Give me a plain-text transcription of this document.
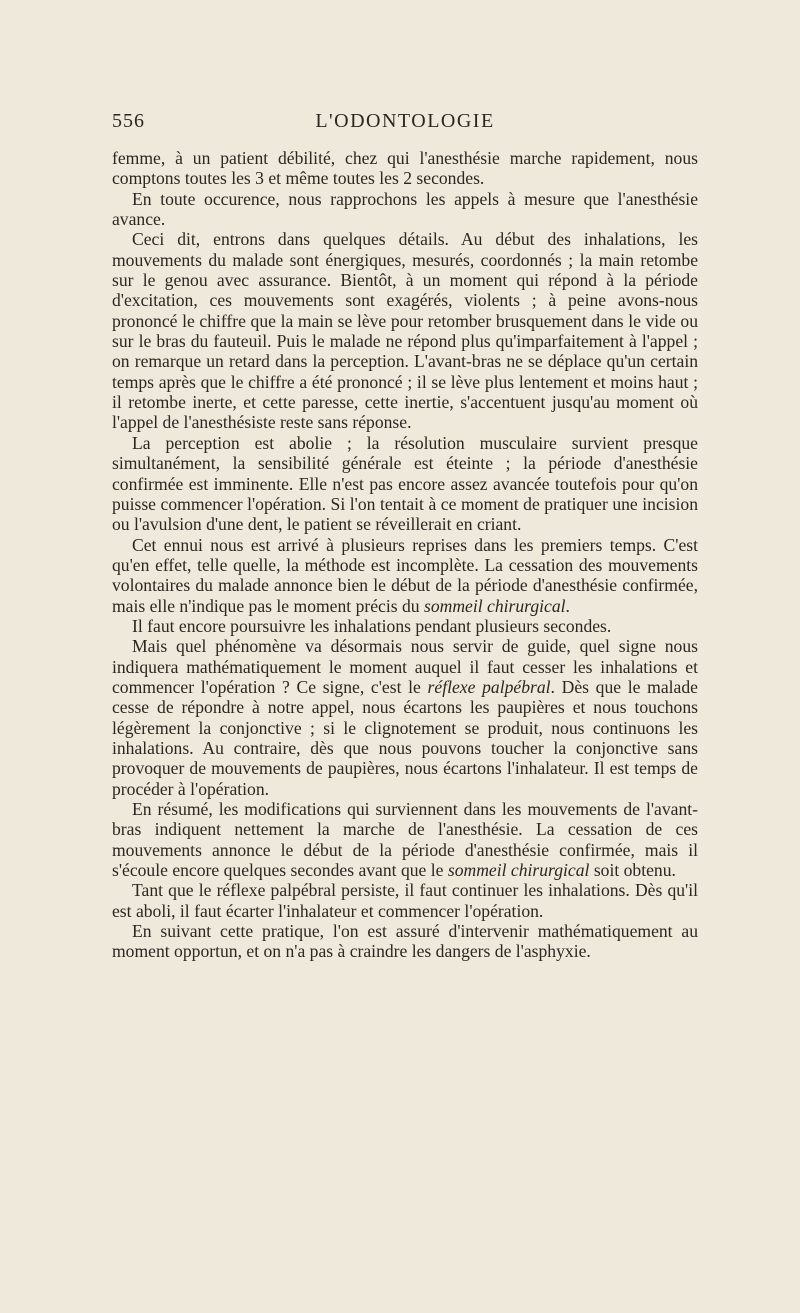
556	L'ODONTOLOGIE

femme, à un patient débilité, chez qui l'anesthésie marche rapidement, nous comptons toutes les 3 et même toutes les 2 secondes.

En toute occurence, nous rapprochons les appels à mesure que l'anesthésie avance.

Ceci dit, entrons dans quelques détails. Au début des inhalations, les mouvements du malade sont énergiques, mesurés, coordonnés ; la main retombe sur le genou avec assurance. Bientôt, à un moment qui répond à la période d'excitation, ces mouvements sont exagérés, violents ; à peine avons-nous prononcé le chiffre que la main se lève pour retomber brusquement dans le vide ou sur le bras du fauteuil. Puis le malade ne répond plus qu'imparfaitement à l'appel ; on remarque un retard dans la perception. L'avant-bras ne se déplace qu'un certain temps après que le chiffre a été prononcé ; il se lève plus lentement et moins haut ; il retombe inerte, et cette paresse, cette inertie, s'accentuent jusqu'au moment où l'appel de l'anesthésiste reste sans réponse.

La perception est abolie ; la résolution musculaire survient presque simultanément, la sensibilité générale est éteinte ; la période d'anesthésie confirmée est imminente. Elle n'est pas encore assez avancée toutefois pour qu'on puisse commencer l'opération. Si l'on tentait à ce moment de pratiquer une incision ou l'avulsion d'une dent, le patient se réveillerait en criant.

Cet ennui nous est arrivé à plusieurs reprises dans les premiers temps. C'est qu'en effet, telle quelle, la méthode est incomplète. La cessation des mouvements volontaires du malade annonce bien le début de la période d'anesthésie confirmée, mais elle n'indique pas le moment précis du sommeil chirurgical.

Il faut encore poursuivre les inhalations pendant plusieurs secondes.

Mais quel phénomène va désormais nous servir de guide, quel signe nous indiquera mathématiquement le moment auquel il faut cesser les inhalations et commencer l'opération ? Ce signe, c'est le réflexe palpébral. Dès que le malade cesse de répondre à notre appel, nous écartons les paupières et nous touchons légèrement la conjonctive ; si le clignotement se produit, nous continuons les inhalations. Au contraire, dès que nous pouvons toucher la conjonctive sans provoquer de mouvements de paupières, nous écartons l'inhalateur. Il est temps de procéder à l'opération.

En résumé, les modifications qui surviennent dans les mouvements de l'avant-bras indiquent nettement la marche de l'anesthésie. La cessation de ces mouvements annonce le début de la période d'anesthésie confirmée, mais il s'écoule encore quelques secondes avant que le sommeil chirurgical soit obtenu.

Tant que le réflexe palpébral persiste, il faut continuer les inhalations. Dès qu'il est aboli, il faut écarter l'inhalateur et commencer l'opération.

En suivant cette pratique, l'on est assuré d'intervenir mathématiquement au moment opportun, et on n'a pas à craindre les dangers de l'asphyxie.
